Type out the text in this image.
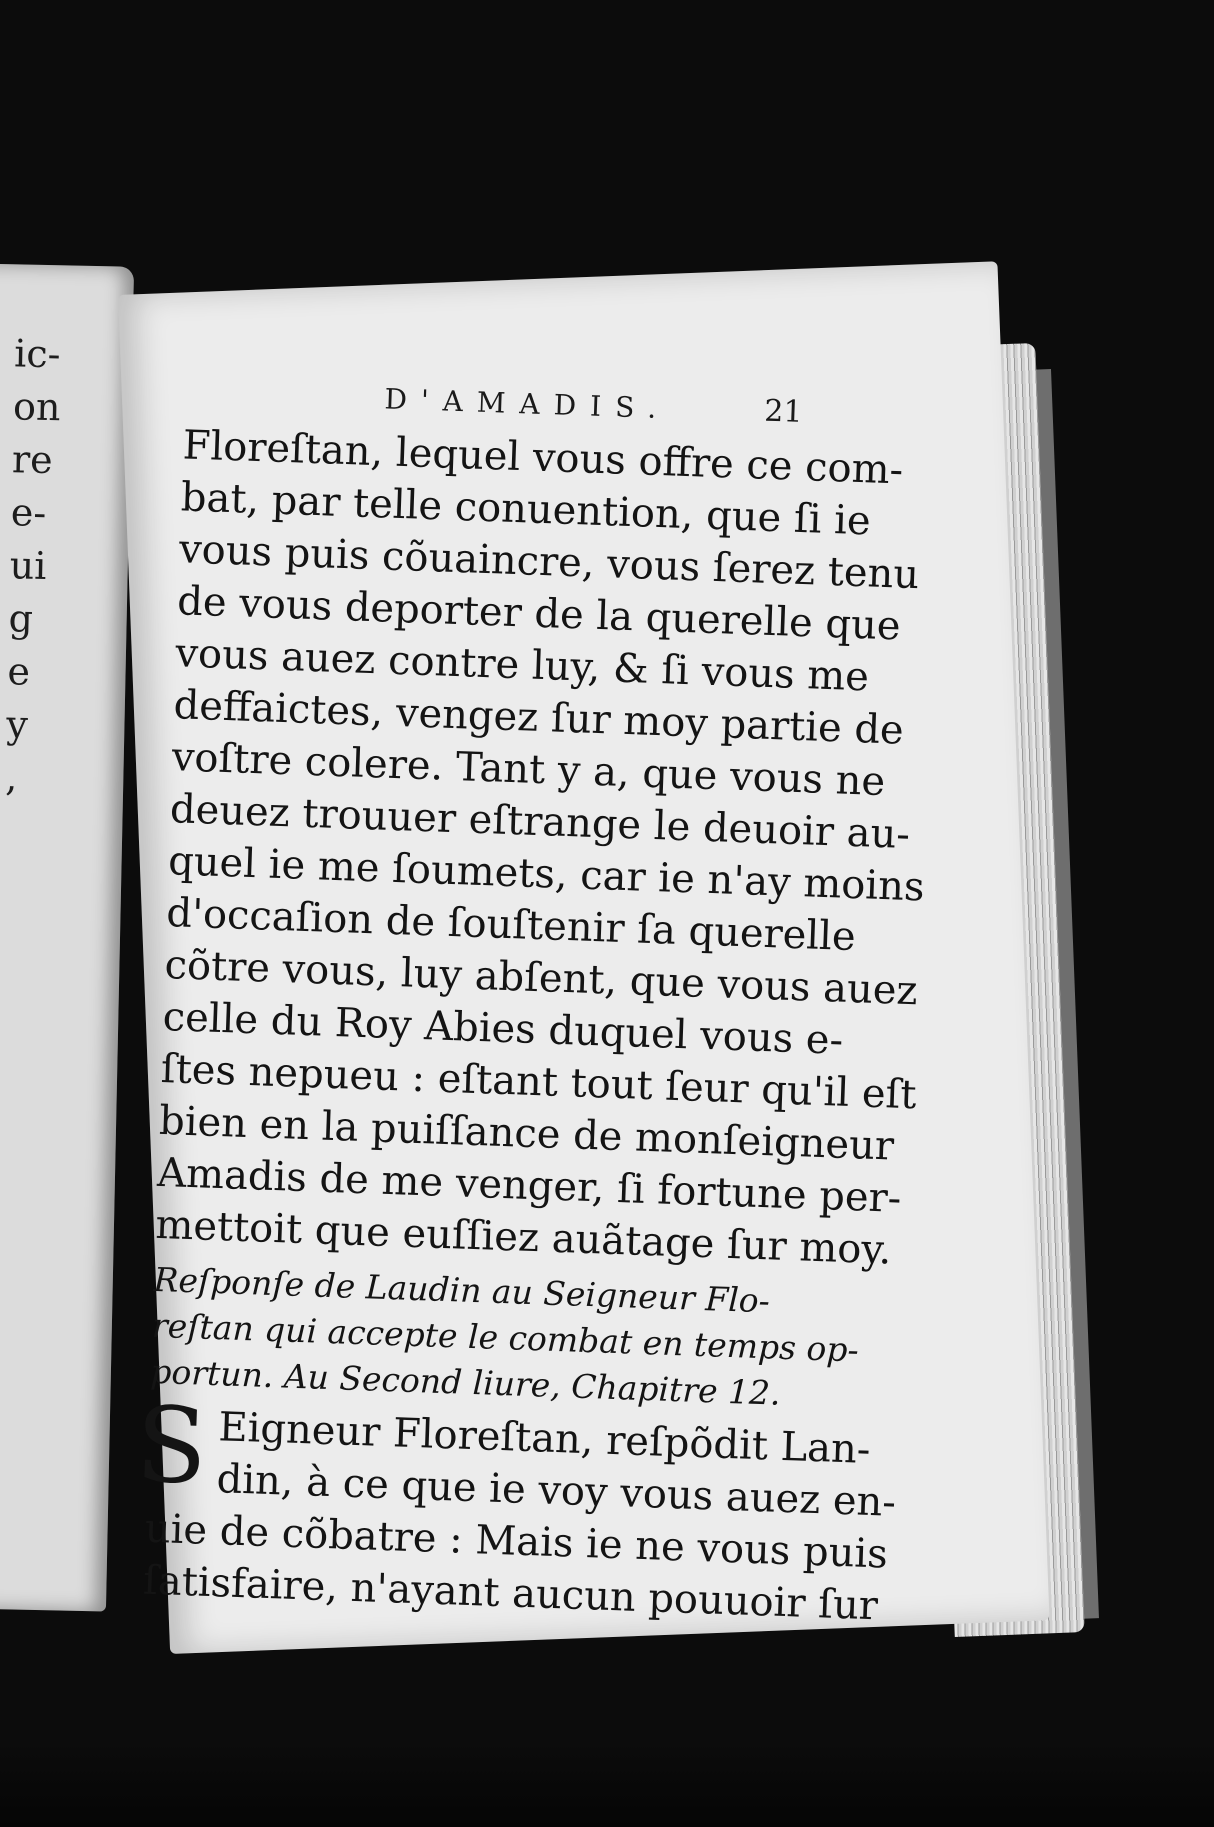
ic-
on
re
e-
ui
g
e
y
,
D'AMADIS.	21
Floreſtan, lequel vous offre ce com-
bat, par telle conuention, que ſi ie
vous puis cõuaincre, vous ſerez tenu
de vous deporter de la querelle que
vous auez contre luy, & ſi vous me
deffaictes, vengez ſur moy partie de
voſtre colere. Tant y a, que vous ne
deuez trouuer eſtrange le deuoir au-
quel ie me ſoumets, car ie n'ay moins
d'occaſion de ſouſtenir ſa querelle
cõtre vous, luy abſent, que vous auez
celle du Roy Abies duquel vous e-
ſtes nepueu : eſtant tout ſeur qu'il eſt
bien en la puiſſance de monſeigneur
Amadis de me venger, ſi fortune per-
mettoit que euſſiez auãtage ſur moy.
Reſponſe de Laudin au Seigneur Flo-
reſtan qui accepte le combat en temps op-
portun. Au Second liure, Chapitre 12.
S Eigneur Floreſtan, reſpõdit Lan-
din, à ce que ie voy vous auez en-
uie de cõbatre : Mais ie ne vous puis
ſatisfaire, n'ayant aucun pouuoir ſur
